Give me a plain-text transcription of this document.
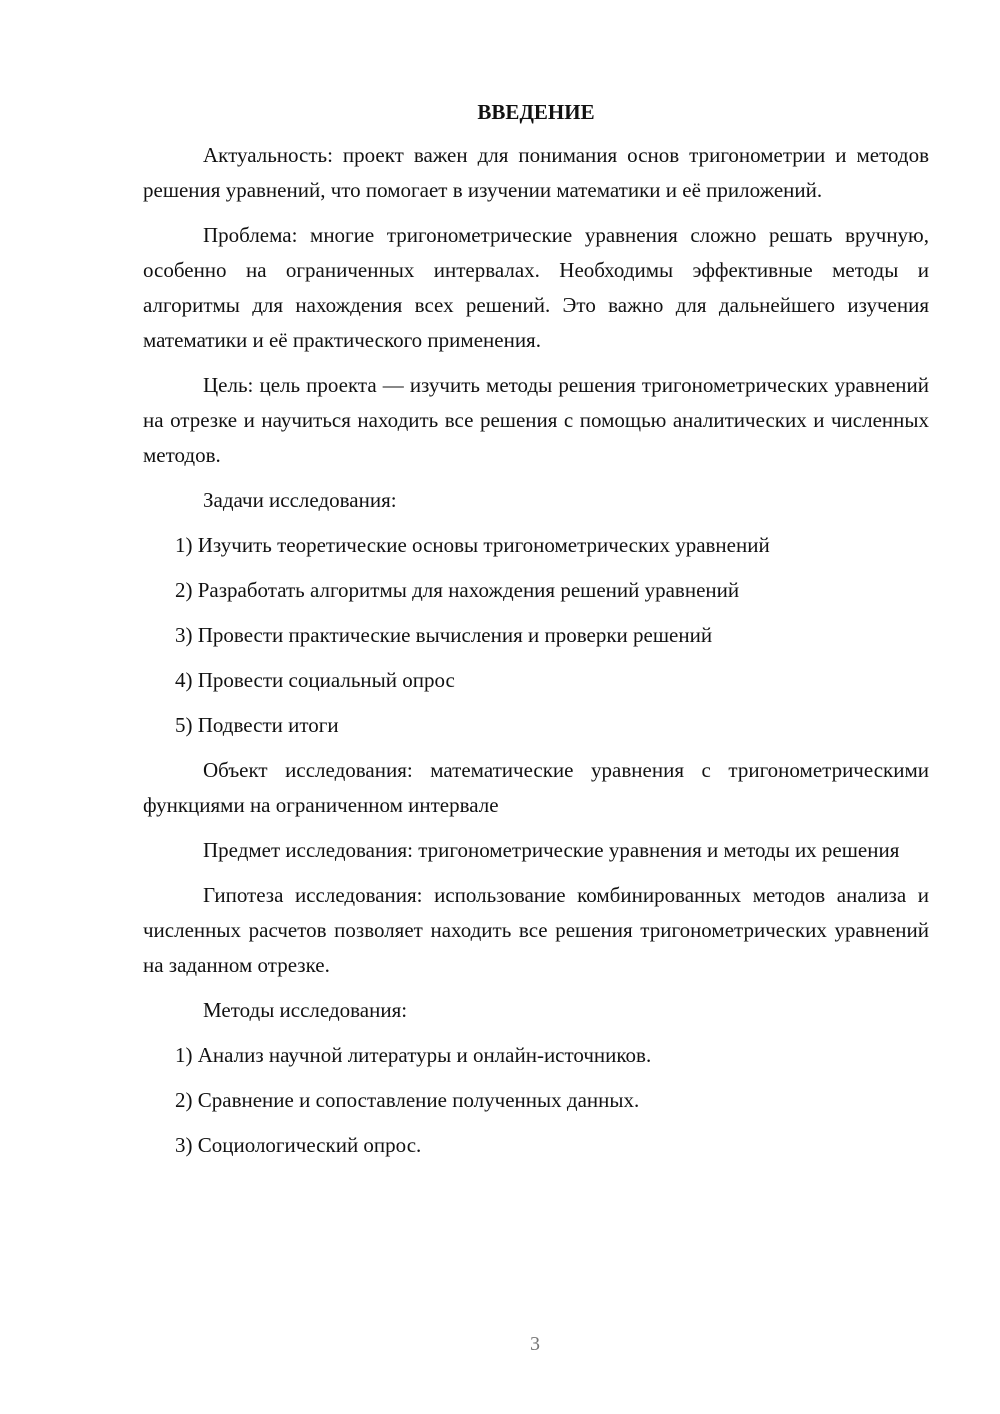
ВВЕДЕНИЕ

Актуальность: проект важен для понимания основ тригонометрии и методов решения уравнений, что помогает в изучении математики и её приложений.

Проблема: многие тригонометрические уравнения сложно решать вручную, особенно на ограниченных интервалах. Необходимы эффективные методы и алгоритмы для нахождения всех решений. Это важно для дальнейшего изучения математики и её практического применения.

Цель: цель проекта — изучить методы решения тригонометрических уравнений на отрезке и научиться находить все решения с помощью аналитических и численных методов.

Задачи исследования:

1) Изучить теоретические основы тригонометрических уравнений

2) Разработать алгоритмы для нахождения решений уравнений

3) Провести практические вычисления и проверки решений

4) Провести социальный опрос

5) Подвести итоги

Объект исследования: математические уравнения с тригонометрическими функциями на ограниченном интервале

Предмет исследования: тригонометрические уравнения и методы их решения

Гипотеза исследования: использование комбинированных методов анализа и численных расчетов позволяет находить все решения тригонометрических уравнений на заданном отрезке.

Методы исследования:

1) Анализ научной литературы и онлайн-источников.

2) Сравнение и сопоставление полученных данных.

3) Социологический опрос.

3
